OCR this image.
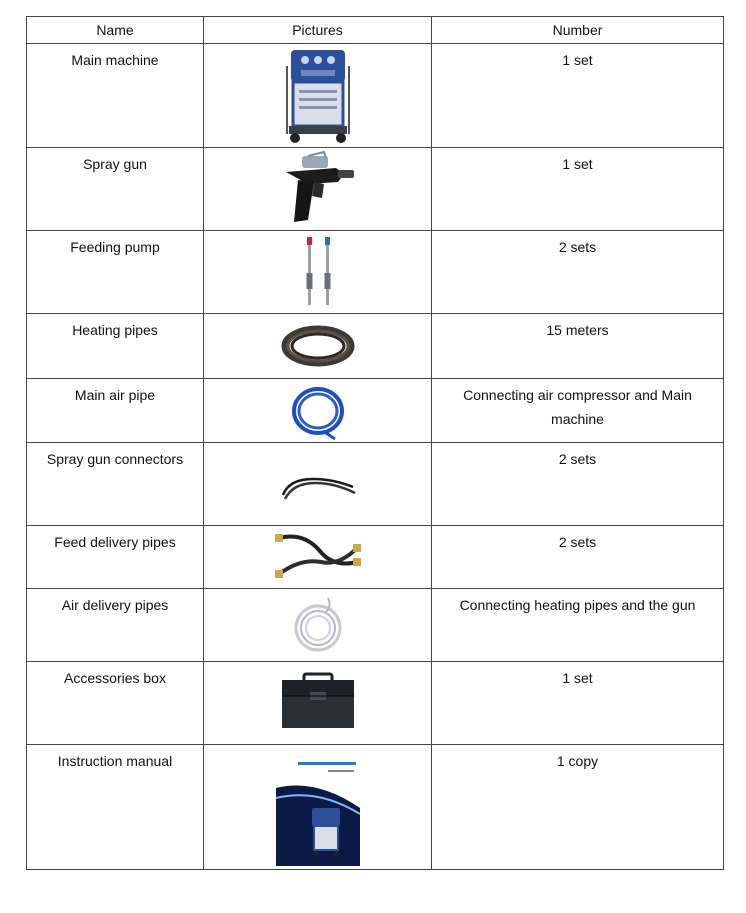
Name	Pictures	Number
Main machine		1 set
Spray gun		1 set
Feeding pump		2 sets
Heating pipes		15 meters
Main air pipe		Connecting air compressor and Main machine
Spray gun connectors		2 sets
Feed delivery pipes		2 sets
Air delivery pipes		Connecting heating pipes and the gun
Accessories box		1 set
Instruction manual		1 copy
